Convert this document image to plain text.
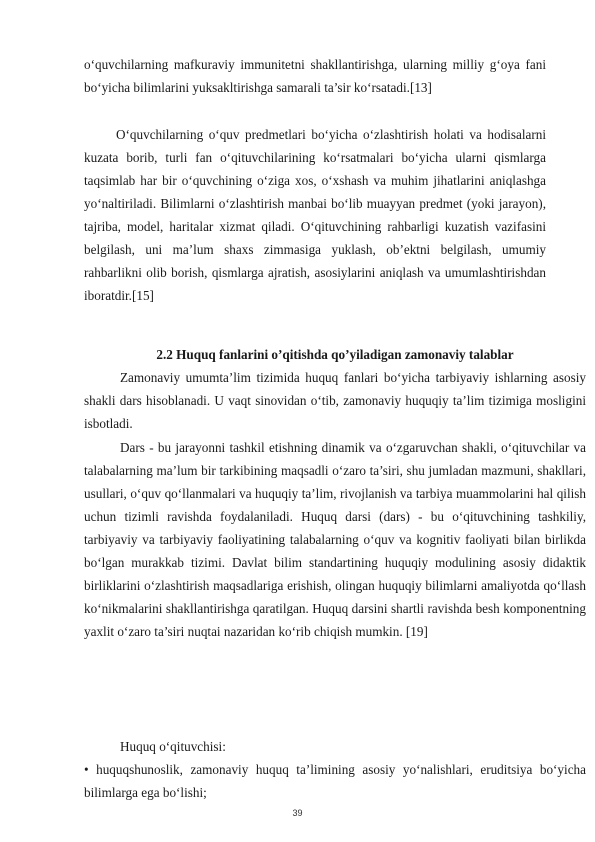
o‘quvchilarning mafkuraviy immunitetni shakllantirishga, ularning milliy g‘oya fani bo‘yicha bilimlarini yuksakltirishga samarali ta’sir ko‘rsatadi.[13]

O‘quvchilarning o‘quv predmetlari bo‘yicha o‘zlashtirish holati va hodisalarni kuzata borib, turli fan o‘qituvchilarining ko‘rsatmalari bo‘yicha ularni qismlarga taqsimlab har bir o‘quvchining o‘ziga xos, o‘xshash va muhim jihatlarini aniqlashga yo‘naltiriladi. Bilimlarni o‘zlashtirish manbai bo‘lib muayyan predmet (yoki jarayon), tajriba, model, haritalar xizmat qiladi. O‘qituvchining rahbarligi kuzatish vazifasini belgilash, uni ma’lum shaxs zimmasiga yuklash, ob’ektni belgilash, umumiy rahbarlikni olib borish, qismlarga ajratish, asosiylarini aniqlash va umumlashtirishdan iboratdir.[15]

2.2 Huquq fanlarini o’qitishda qo’yiladigan zamonaviy talablar

Zamonaviy umumta’lim tizimida huquq fanlari bo‘yicha tarbiyaviy ishlarning asosiy shakli dars hisoblanadi. U vaqt sinovidan o‘tib, zamonaviy huquqiy ta’lim tizimiga mosligini isbotladi.

Dars - bu jarayonni tashkil etishning dinamik va o‘zgaruvchan shakli, o‘qituvchilar va talabalarning ma’lum bir tarkibining maqsadli o‘zaro ta’siri, shu jumladan mazmuni, shakllari, usullari, o‘quv qo‘llanmalari va huquqiy ta’lim, rivojlanish va tarbiya muammolarini hal qilish uchun tizimli ravishda foydalaniladi. Huquq darsi (dars) - bu o‘qituvchining tashkiliy, tarbiyaviy va tarbiyaviy faoliyatining talabalarning o‘quv va kognitiv faoliyati bilan birlikda bo‘lgan murakkab tizimi. Davlat bilim standartining huquqiy modulining asosiy didaktik birliklarini o‘zlashtirish maqsadlariga erishish, olingan huquqiy bilimlarni amaliyotda qo‘llash ko‘nikmalarini shakllantirishga qaratilgan. Huquq darsini shartli ravishda besh komponentning yaxlit o‘zaro ta’siri nuqtai nazaridan ko‘rib chiqish mumkin. [19]

Huquq o‘qituvchisi:

• huquqshunoslik, zamonaviy huquq ta’limining asosiy yo‘nalishlari, eruditsiya bo‘yicha bilimlarga ega bo‘lishi;

39
